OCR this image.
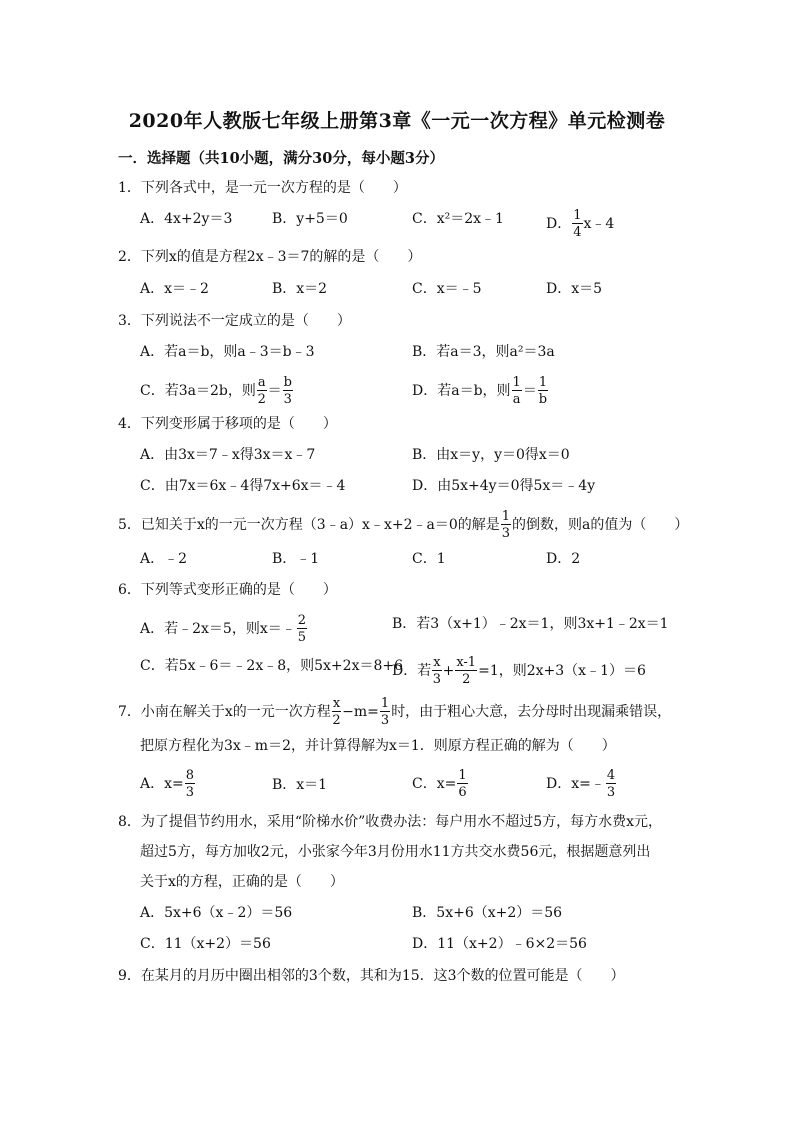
2020年人教版七年级上册第3章《一元一次方程》单元检测卷
一．选择题（共10小题，满分30分，每小题3分）
1．下列各式中，是一元一次方程的是（　　）
A．4x+2y＝3	B．y+5＝0	C．x²＝2x﹣1	D． $\frac{1}{4}$ x﹣4
2．下列x的值是方程2x﹣3＝7的解的是（　　）
A．x＝﹣2	B．x＝2	C．x＝﹣5	D．x＝5
3．下列说法不一定成立的是（　　）
A．若a＝b，则a﹣3＝b﹣3	B．若a＝3，则a²＝3a
C．若3a＝2b，则 $\frac{a}{2} = \frac{b}{3}$	D．若a＝b，则 $\frac{1}{a} = \frac{1}{b}$
4．下列变形属于移项的是（　　）
A．由3x＝7﹣x得3x＝x﹣7	B．由x＝y，y＝0得x＝0
C．由7x＝6x﹣4得7x+6x＝﹣4	D．由5x+4y＝0得5x＝﹣4y
5．已知关于x的一元一次方程（3﹣a）x﹣x+2﹣a＝0的解是 $\frac{1}{3}$ 的倒数，则a的值为（　　）
A．﹣2	B．﹣1	C．1	D．2
6．下列等式变形正确的是（　　）
A．若﹣2x＝5，则x＝﹣ $\frac{2}{5}$	B．若3（x+1）﹣2x＝1，则3x+1﹣2x＝1
C．若5x﹣6＝﹣2x﹣8，则5x+2x＝8+6
D．若 $\frac{x}{3} + \frac{x-1}{2} =1$，则2x+3（x﹣1）＝6
7．小南在解关于x的一元一次方程 $\frac{x}{2} -m= \frac{1}{3}$ 时，由于粗心大意，去分母时出现漏乘错误，
把原方程化为3x﹣m＝2，并计算得解为x＝1．则原方程正确的解为（　　）
A．$x= \frac{8}{3}$	B．x＝1	C．$x= \frac{1}{6}$	D．x=﹣ $\frac{4}{3}$
8．为了提倡节约用水，采用“阶梯水价”收费办法：每户用水不超过5方，每方水费x元，
超过5方，每方加收2元，小张家今年3月份用水11方共交水费56元，根据题意列出
关于x的方程，正确的是（　　）
A．5x+6（x﹣2）＝56	B．5x+6（x+2）＝56
C．11（x+2）＝56	D．11（x+2）﹣6×2＝56
9．在某月的月历中圈出相邻的3个数，其和为15．这3个数的位置可能是（　　）
